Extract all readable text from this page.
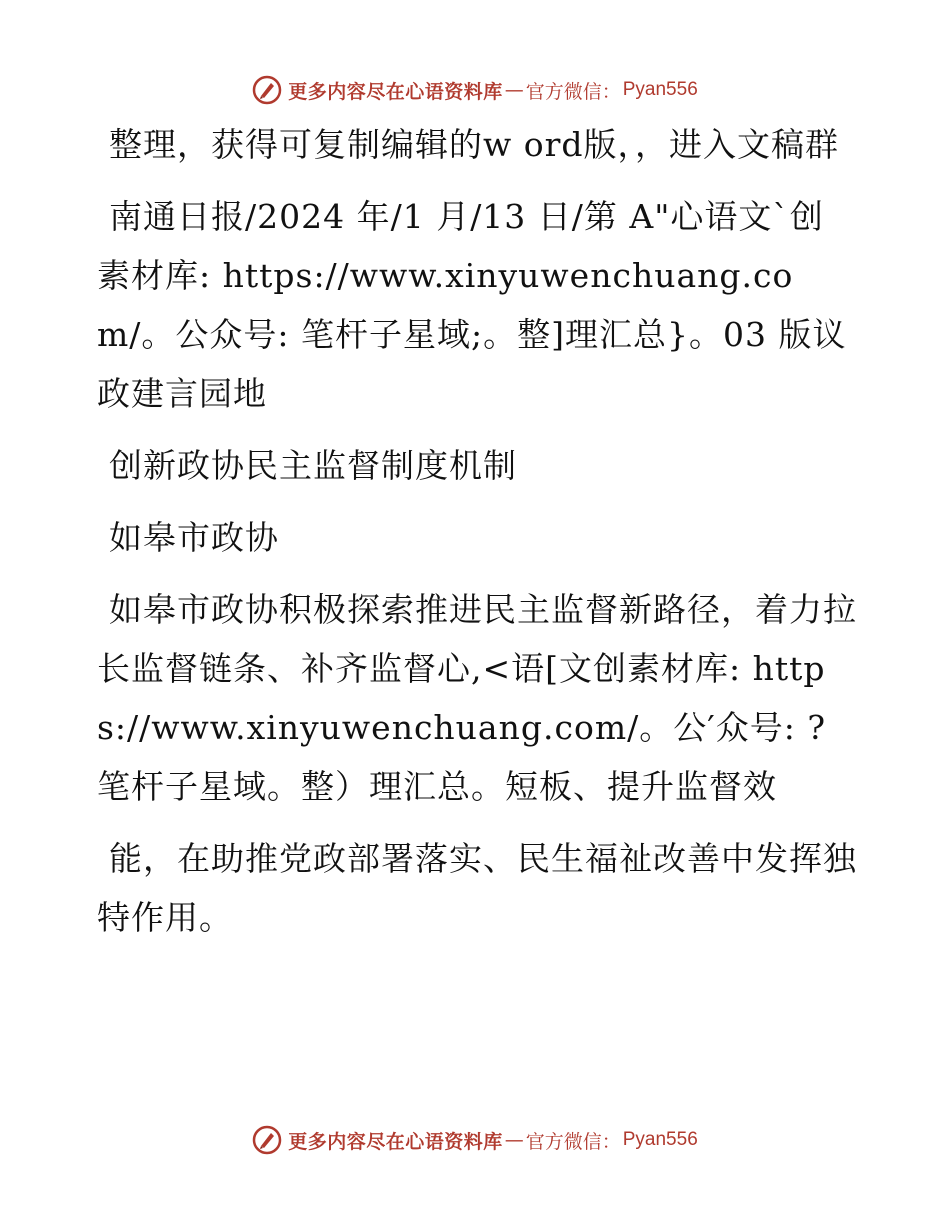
更多内容尽在心语资料库 — 官方微信： Pyan556

整理，获得可复制编辑的w ord版，，进入文稿群

南通日报/2024 年/1 月/13 日/第 A"心语文`创素材库: https://www.xinyuwenchuang.com/。公众号: 笔杆子星域;。整]理汇总}。03 版议政建言园地

创新政协民主监督制度机制

如皋市政协

如皋市政协积极探索推进民主监督新路径，着力拉长监督链条、补齐监督心,<语[文创素材库: https://www.xinyuwenchuang.com/。公′众号: ?笔杆子星域。整）理汇总。短板、提升监督效

能，在助推党政部署落实、民生福祉改善中发挥独特作用。

更多内容尽在心语资料库 — 官方微信： Pyan556
